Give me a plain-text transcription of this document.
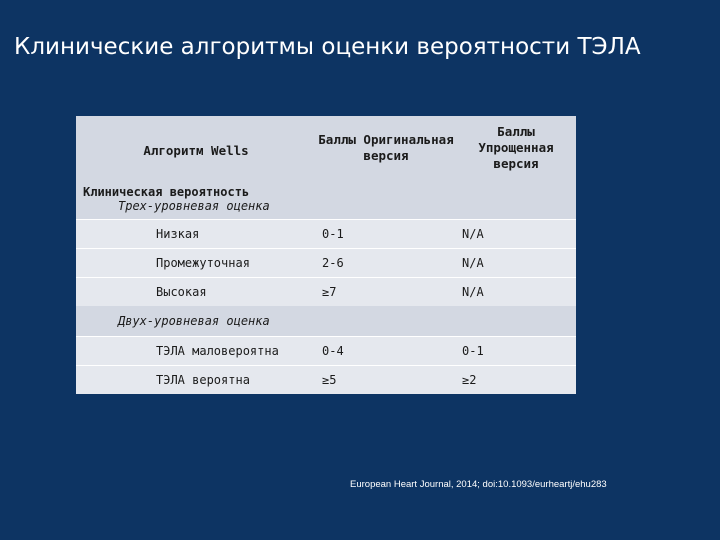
Клинические алгоритмы оценки вероятности ТЭЛА
Алгоритм Wells	Баллы Оригинальная версия	Баллы Упрощенная версия

Клиническая вероятность
Трех-уровневая оценка		

Низкая	0-1	N/A
Промежуточная	2-6	N/A
Высокая	≥7	N/A

Двух-уровневая оценка		

ТЭЛА маловероятна	0-4	0-1
ТЭЛА вероятна	≥5	≥2
European Heart Journal, 2014; doi:10.1093/eurheartj/ehu283
